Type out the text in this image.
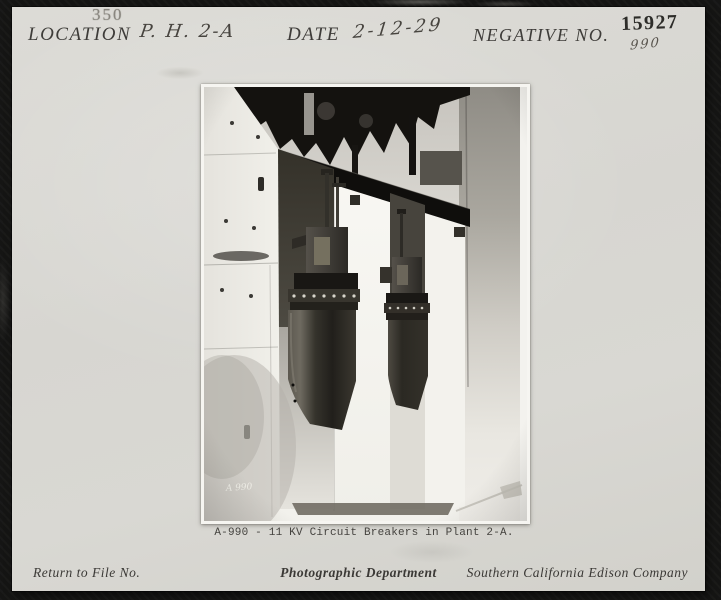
350
LOCATION P. H. 2-A	DATE 2-12-29 NEGATIVE NO.
15927
990
A-990 - 11 KV Circuit Breakers in Plant 2-A.
Return to File No.	Photographic Department	Southern California Edison Company
